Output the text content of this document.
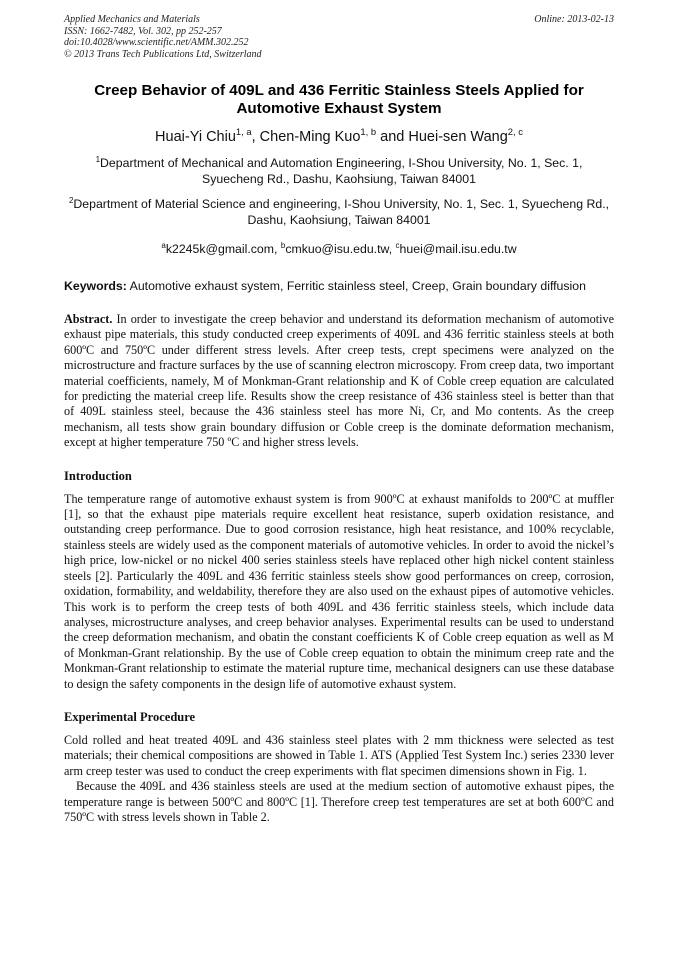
Applied Mechanics and Materials
ISSN: 1662-7482, Vol. 302, pp 252-257
doi:10.4028/www.scientific.net/AMM.302.252
© 2013 Trans Tech Publications Ltd, Switzerland
Online: 2013-02-13
Creep Behavior of 409L and 436 Ferritic Stainless Steels Applied for Automotive Exhaust System
Huai-Yi Chiu$^{1, a}$, Chen-Ming Kuo$^{1, b}$ and Huei-sen Wang$^{2, c}$
$^1$Department of Mechanical and Automation Engineering, I-Shou University, No. 1, Sec. 1, Syuecheng Rd., Dashu, Kaohsiung, Taiwan 84001
$^2$Department of Material Science and engineering, I-Shou University, No. 1, Sec. 1, Syuecheng Rd., Dashu, Kaohsiung, Taiwan 84001
$^a$k2245k@gmail.com, $^b$cmkuo@isu.edu.tw, $^c$huei@mail.isu.edu.tw
Keywords: Automotive exhaust system, Ferritic stainless steel, Creep, Grain boundary diffusion

Abstract. In order to investigate the creep behavior and understand its deformation mechanism of automotive exhaust pipe materials, this study conducted creep experiments of 409L and 436 ferritic stainless steels at both 600ºC and 750ºC under different stress levels. After creep tests, crept specimens were analyzed on the microstructure and fracture surfaces by the use of scanning electron microscopy. From creep data, two important material coefficients, namely, M of Monkman-Grant relationship and K of Coble creep equation are calculated for predicting the material creep life. Results show the creep resistance of 436 stainless steel is better than that of 409L stainless steel, because the 436 stainless steel has more Ni, Cr, and Mo contents. As the creep mechanism, all tests show grain boundary diffusion or Coble creep is the dominate deformation mechanism, except at higher temperature 750 ºC and higher stress levels.

Introduction

The temperature range of automotive exhaust system is from 900ºC at exhaust manifolds to 200ºC at muffler [1], so that the exhaust pipe materials require excellent heat resistance, superb oxidation resistance, and outstanding creep performance. Due to good corrosion resistance, high heat resistance, and 100% recyclable, stainless steels are widely used as the component materials of automotive vehicles. In order to avoid the nickel’s high price, low-nickel or no nickel 400 series stainless steels have replaced other high nickel content stainless steels [2]. Particularly the 409L and 436 ferritic stainless steels show good performances on creep, corrosion, oxidation, formability, and weldability, therefore they are also used on the exhaust pipes of automotive vehicles. This work is to perform the creep tests of both 409L and 436 ferritic stainless steels, which include data analyses, microstructure analyses, and creep behavior analyses. Experimental results can be used to understand the creep deformation mechanism, and obatin the constant coefficients K of Coble creep equation as well as M of Monkman-Grant relationship. By the use of Coble creep equation to obtain the minimum creep rate and the Monkman-Grant relationship to estimate the material rupture time, mechanical designers can use these database to design the safety components in the design life of automotive exhaust system.

Experimental Procedure

Cold rolled and heat treated 409L and 436 stainless steel plates with 2 mm thickness were selected as test materials; their chemical compositions are showed in Table 1. ATS (Applied Test System Inc.) series 2330 lever arm creep tester was used to conduct the creep experiments with flat specimen dimensions shown in Fig. 1.

Because the 409L and 436 stainless steels are used at the medium section of automotive exhaust pipes, the temperature range is between 500ºC and 800ºC [1]. Therefore creep test temperatures are set at both 600ºC and 750ºC with stress levels shown in Table 2.
